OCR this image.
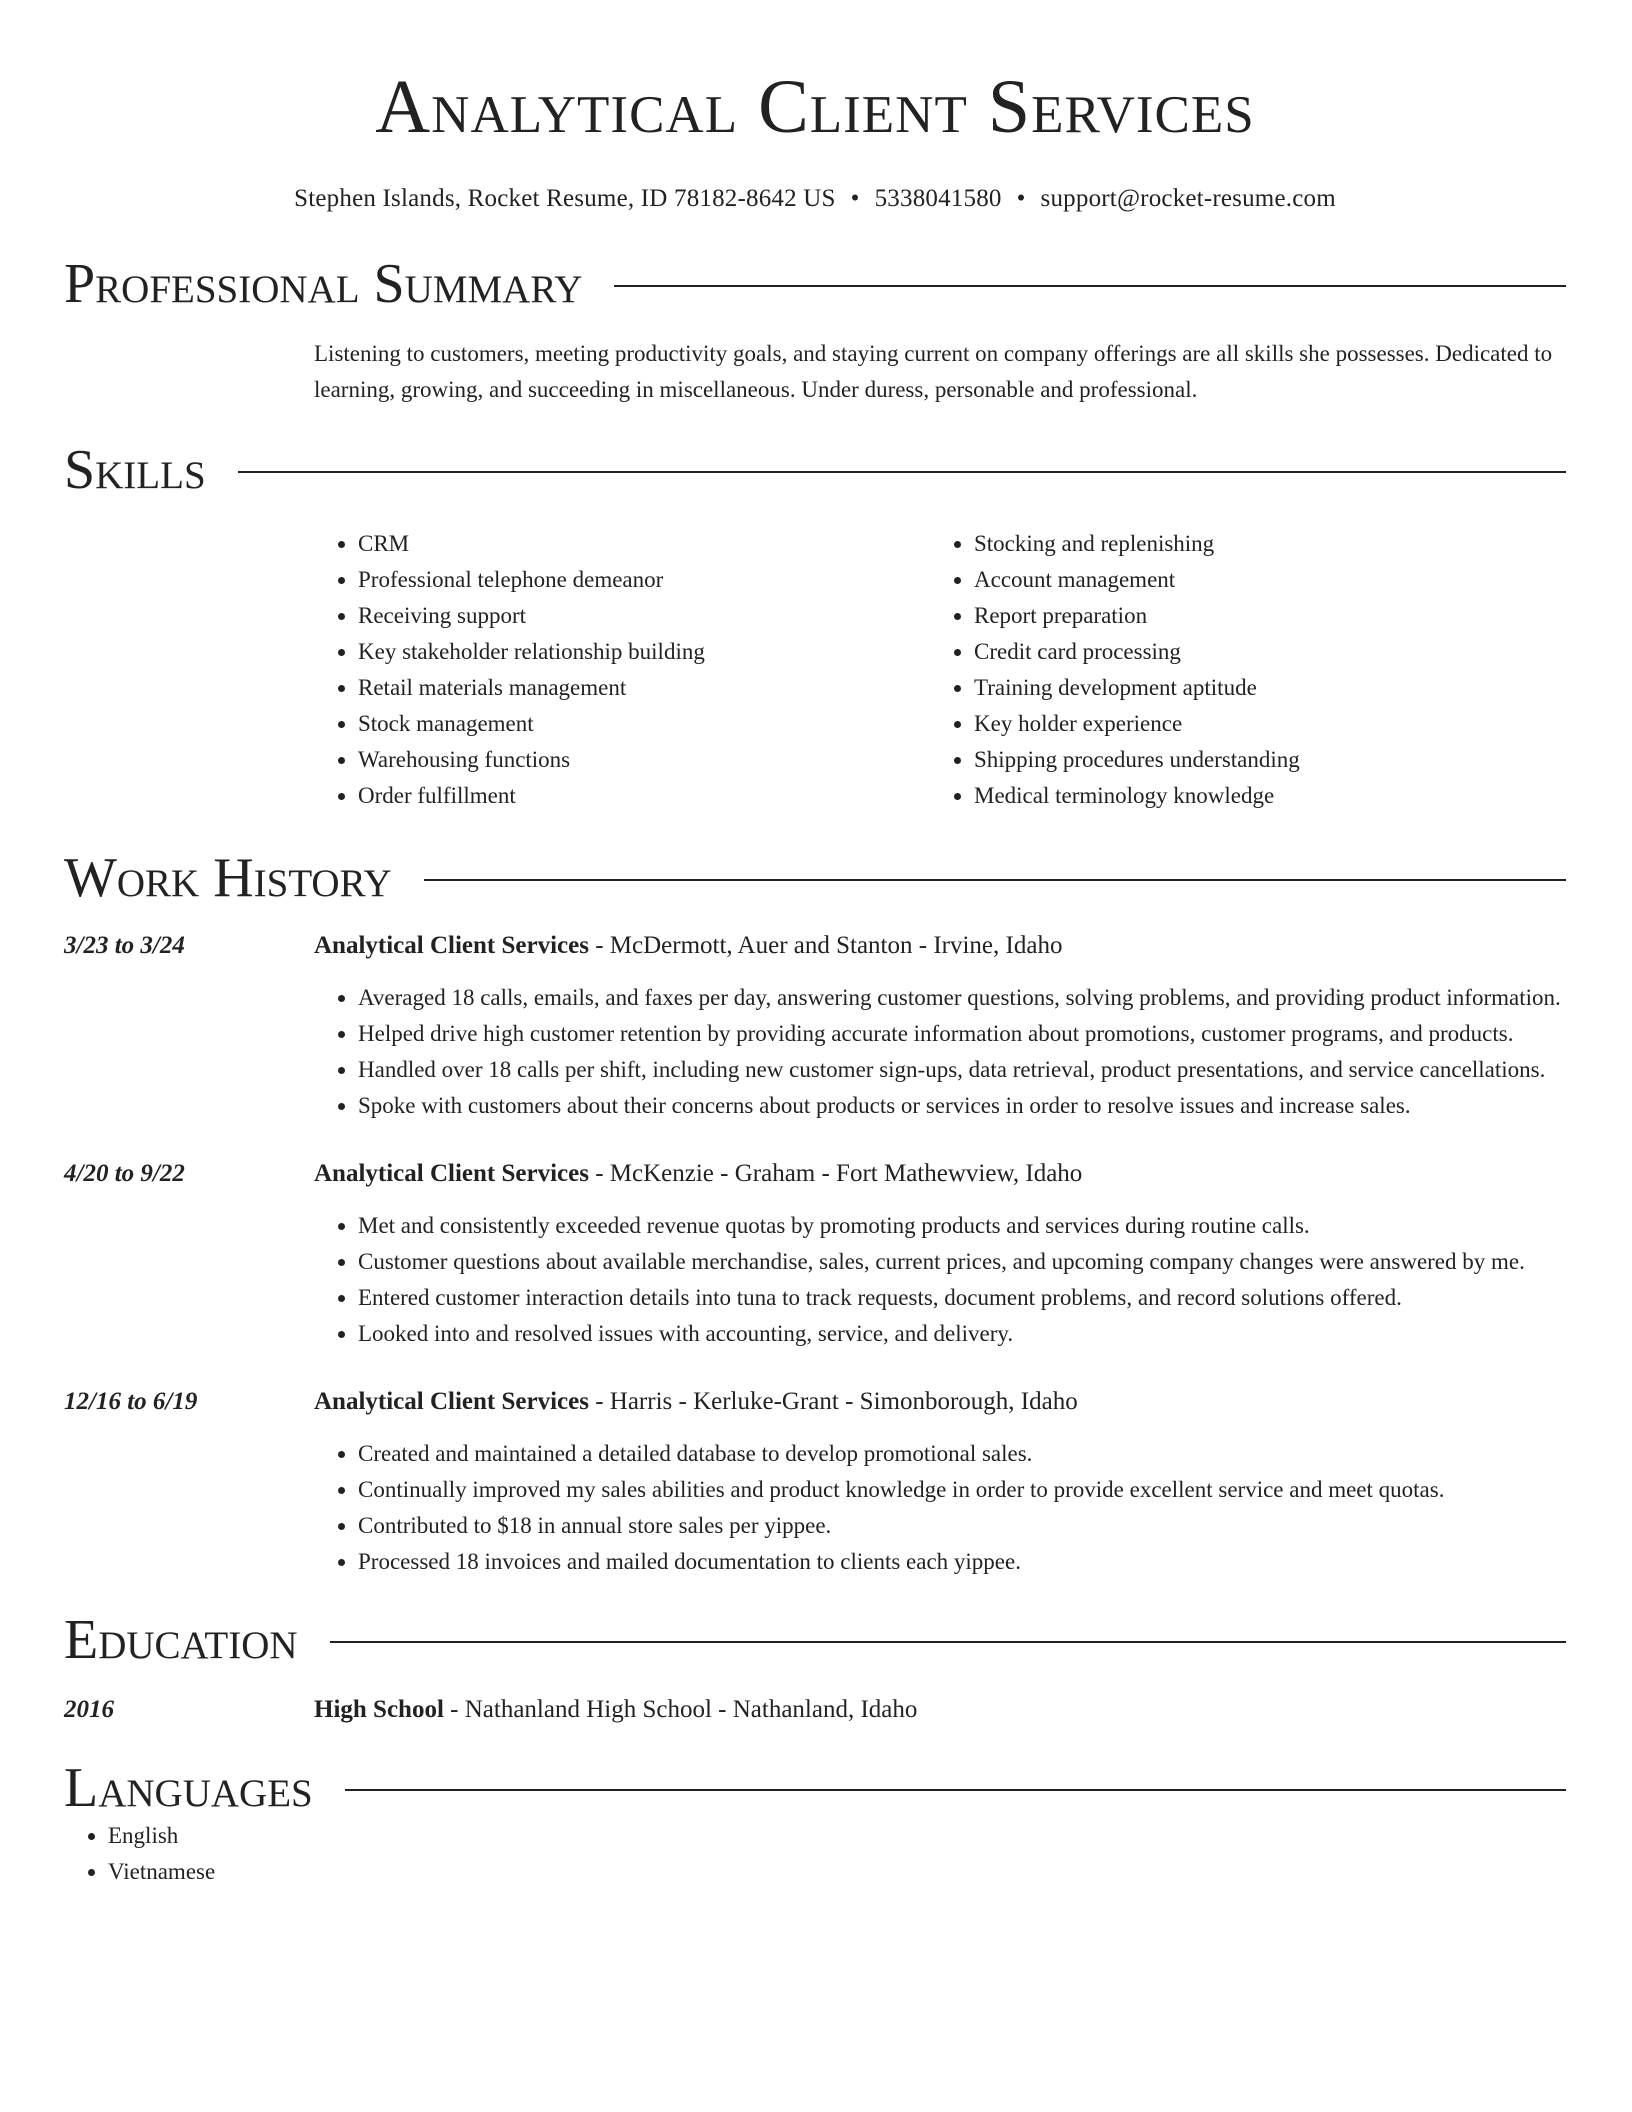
Analytical Client Services
Stephen Islands, Rocket Resume, ID 78182-8642 US • 5338041580 • support@rocket-resume.com
Professional Summary
Listening to customers, meeting productivity goals, and staying current on company offerings are all skills she possesses. Dedicated to learning, growing, and succeeding in miscellaneous. Under duress, personable and professional.
Skills
• CRM
• Professional telephone demeanor
• Receiving support
• Key stakeholder relationship building
• Retail materials management
• Stock management
• Warehousing functions
• Order fulfillment
• Stocking and replenishing
• Account management
• Report preparation
• Credit card processing
• Training development aptitude
• Key holder experience
• Shipping procedures understanding
• Medical terminology knowledge
Work History
3/23 to 3/24	Analytical Client Services - McDermott, Auer and Stanton - Irvine, Idaho
• Averaged 18 calls, emails, and faxes per day, answering customer questions, solving problems, and providing product information.
• Helped drive high customer retention by providing accurate information about promotions, customer programs, and products.
• Handled over 18 calls per shift, including new customer sign-ups, data retrieval, product presentations, and service cancellations.
• Spoke with customers about their concerns about products or services in order to resolve issues and increase sales.
4/20 to 9/22	Analytical Client Services - McKenzie - Graham - Fort Mathewview, Idaho
• Met and consistently exceeded revenue quotas by promoting products and services during routine calls.
• Customer questions about available merchandise, sales, current prices, and upcoming company changes were answered by me.
• Entered customer interaction details into tuna to track requests, document problems, and record solutions offered.
• Looked into and resolved issues with accounting, service, and delivery.
12/16 to 6/19	Analytical Client Services - Harris - Kerluke-Grant - Simonborough, Idaho
• Created and maintained a detailed database to develop promotional sales.
• Continually improved my sales abilities and product knowledge in order to provide excellent service and meet quotas.
• Contributed to $18 in annual store sales per yippee.
• Processed 18 invoices and mailed documentation to clients each yippee.
Education
2016	High School - Nathanland High School - Nathanland, Idaho
Languages
• English
• Vietnamese
